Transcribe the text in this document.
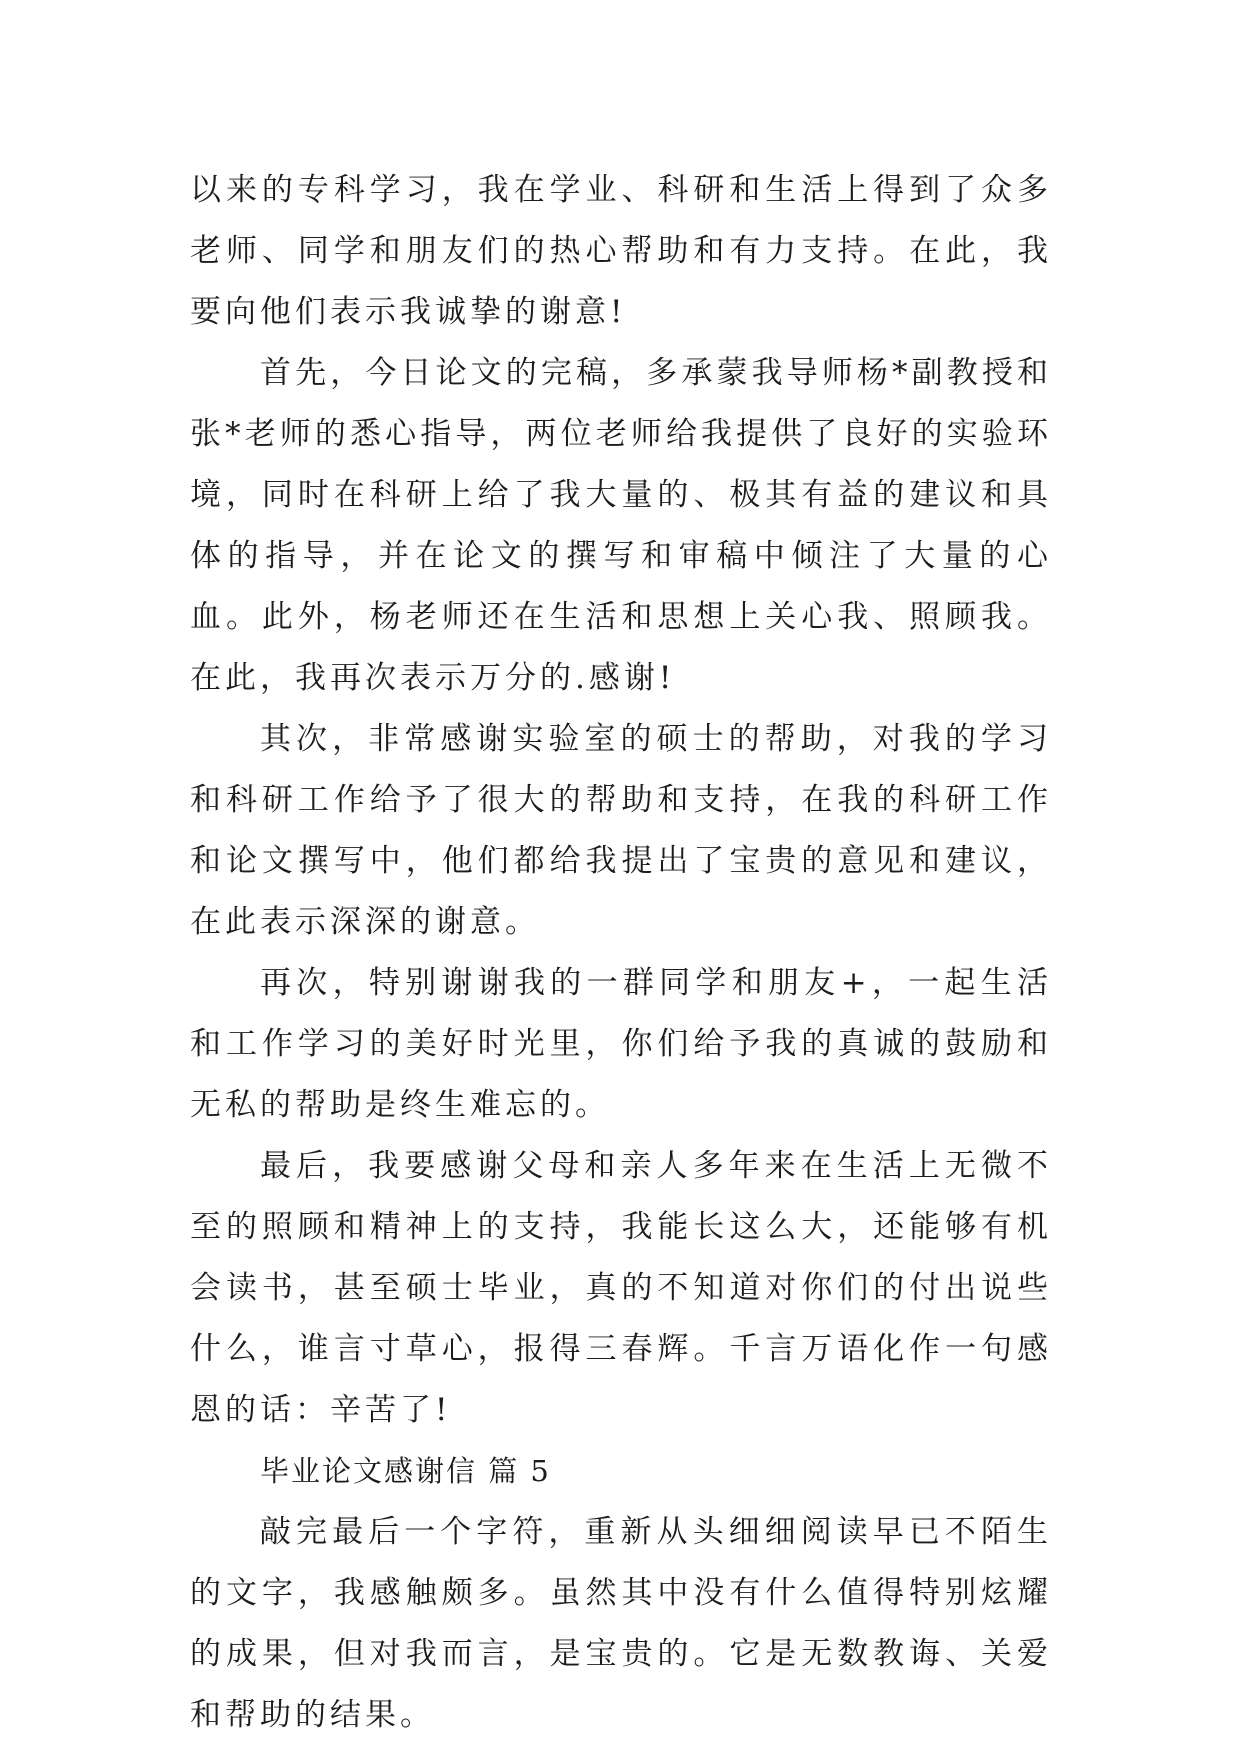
以来的专科学习，我在学业、科研和生活上得到了众多老师、同学和朋友们的热心帮助和有力支持。在此，我要向他们表示我诚挚的谢意!

首先，今日论文的完稿，多承蒙我导师杨*副教授和张*老师的悉心指导，两位老师给我提供了良好的实验环境，同时在科研上给了我大量的、极其有益的建议和具体的指导，并在论文的撰写和审稿中倾注了大量的心血。此外，杨老师还在生活和思想上关心我、照顾我。在此，我再次表示万分的.感谢!

其次，非常感谢实验室的硕士的帮助，对我的学习和科研工作给予了很大的帮助和支持，在我的科研工作和论文撰写中，他们都给我提出了宝贵的意见和建议，在此表示深深的谢意。

再次，特别谢谢我的一群同学和朋友+，一起生活和工作学习的美好时光里，你们给予我的真诚的鼓励和无私的帮助是终生难忘的。

最后，我要感谢父母和亲人多年来在生活上无微不至的照顾和精神上的支持，我能长这么大，还能够有机会读书，甚至硕士毕业，真的不知道对你们的付出说些什么，谁言寸草心，报得三春辉。千言万语化作一句感恩的话：辛苦了!

毕业论文感谢信 篇 5

敲完最后一个字符，重新从头细细阅读早已不陌生的文字，我感触颇多。虽然其中没有什么值得特别炫耀的成果，但对我而言，是宝贵的。它是无数教诲、关爱和帮助的结果。
